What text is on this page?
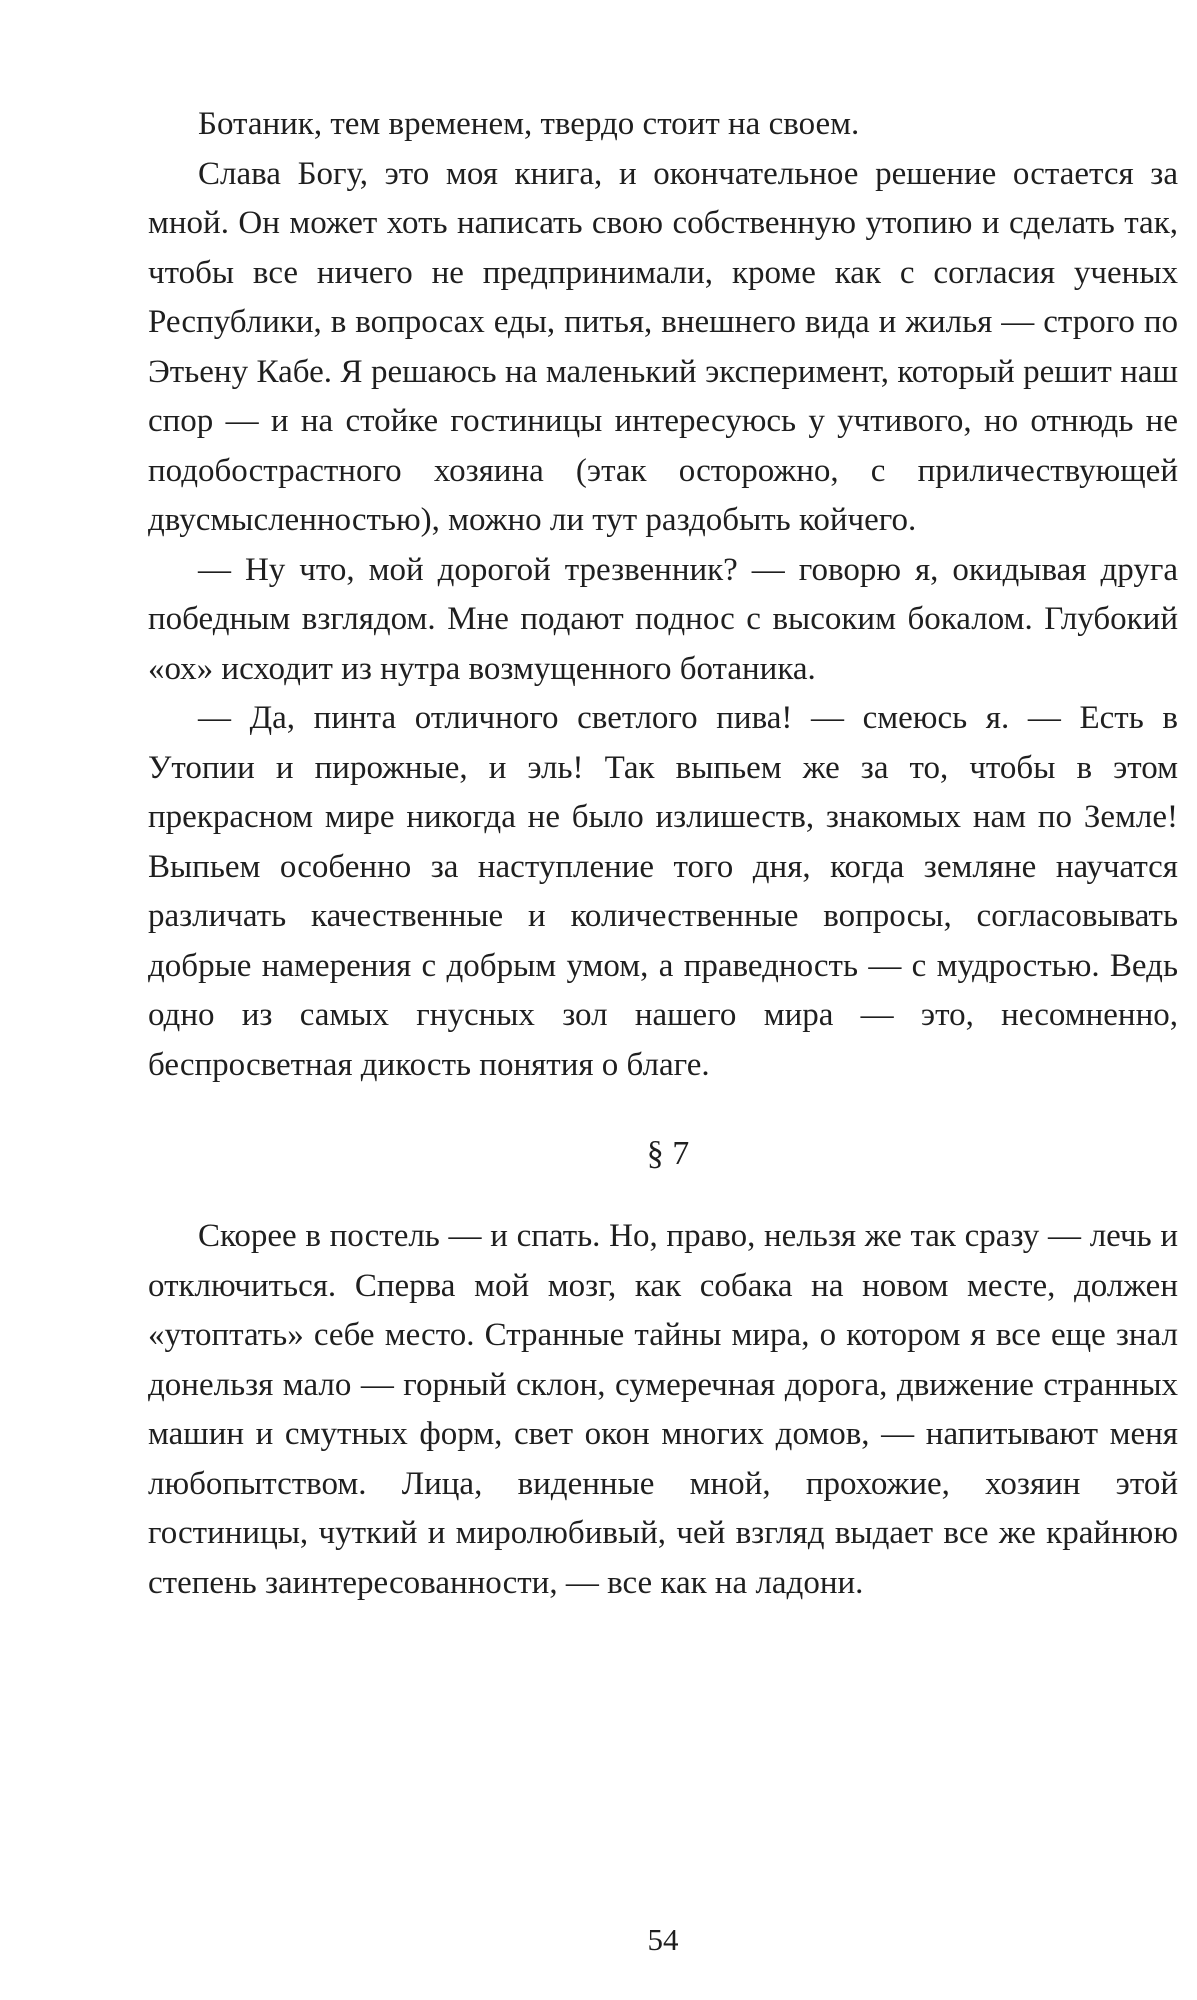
Ботаник, тем временем, твердо стоит на своем.

Слава Богу, это моя книга, и окончательное решение остается за мной. Он может хоть написать свою собственную утопию и сделать так, чтобы все ничего не предпринимали, кроме как с согласия ученых Республики, в вопросах еды, питья, внешнего вида и жилья — строго по Этьену Кабе. Я решаюсь на маленький эксперимент, который решит наш спор — и на стойке гостиницы интересуюсь у учтивого, но отнюдь не подобострастного хозяина (этак осторожно, с приличествующей двусмысленностью), можно ли тут раздобыть койчего.

— Ну что, мой дорогой трезвенник? — говорю я, окидывая друга победным взглядом. Мне подают поднос с высоким бокалом. Глубокий «ох» исходит из нутра возмущенного ботаника.

— Да, пинта отличного светлого пива! — смеюсь я. — Есть в Утопии и пирожные, и эль! Так выпьем же за то, чтобы в этом прекрасном мире никогда не было излишеств, знакомых нам по Земле! Выпьем особенно за наступление того дня, когда земляне научатся различать качественные и количественные вопросы, согласовывать добрые намерения с добрым умом, а праведность — с мудростью. Ведь одно из самых гнусных зол нашего мира — это, несомненно, беспросветная дикость понятия о благе.

§ 7

Скорее в постель — и спать. Но, право, нельзя же так сразу — лечь и отключиться. Сперва мой мозг, как собака на новом месте, должен «утоптать» себе место. Странные тайны мира, о котором я все еще знал донельзя мало — горный склон, сумеречная дорога, движение странных машин и смутных форм, свет окон многих домов, — напитывают меня любопытством. Лица, виденные мной, прохожие, хозяин этой гостиницы, чуткий и миролюбивый, чей взгляд выдает все же крайнюю степень заинтересованности, — все как на ладони.

54
